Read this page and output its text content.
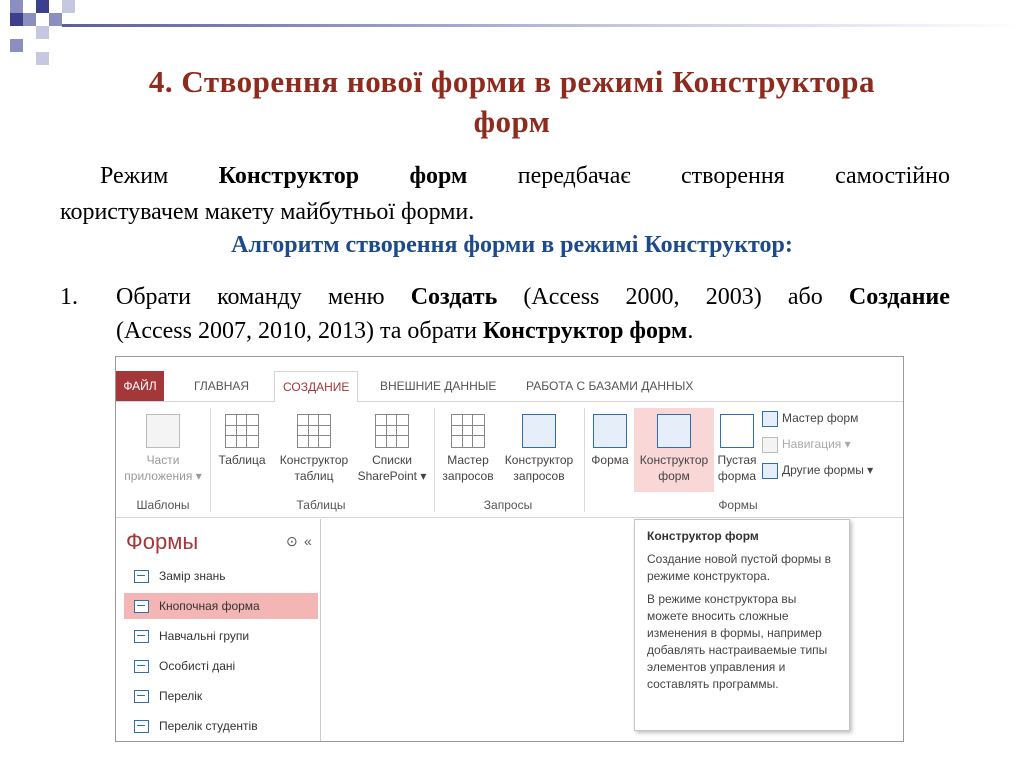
4. Створення нової форми в режимі Конструктора
форм
Режим Конструктор форм передбачає створення самостійно
користувачем макету майбутньої форми.
Алгоритм створення форми в режимі Конструктор:
1. Обрати команду меню Создать (Access 2000, 2003) або Создание
(Access 2007, 2010, 2013) та обрати Конструктор форм.
ФАЙЛ	ГЛАВНАЯ	СОЗДАНИЕ	ВНЕШНИЕ ДАННЫЕ	РАБОТА С БАЗАМИ ДАННЫХ
Части
приложения ▾
Шаблоны
Таблица	Конструктор
таблиц
Списки
SharePoint ▾
Таблицы
Мастер
запросов
Конструктор
запросов
Запросы
Форма Конструктор
форм
Пустая
форма
Мастер форм
Навигация ▾
Другие формы ▾
Формы
Формы	⊙ «
Замір знань
Кнопочная форма
Навчальні групи
Особисті дані
Перелік
Перелік студентів
Конструктор форм
Создание новой пустой формы в режиме конструктора.
В режиме конструктора вы можете вносить сложные изменения в формы, например добавлять настраиваемые типы элементов управления и составлять программы.
